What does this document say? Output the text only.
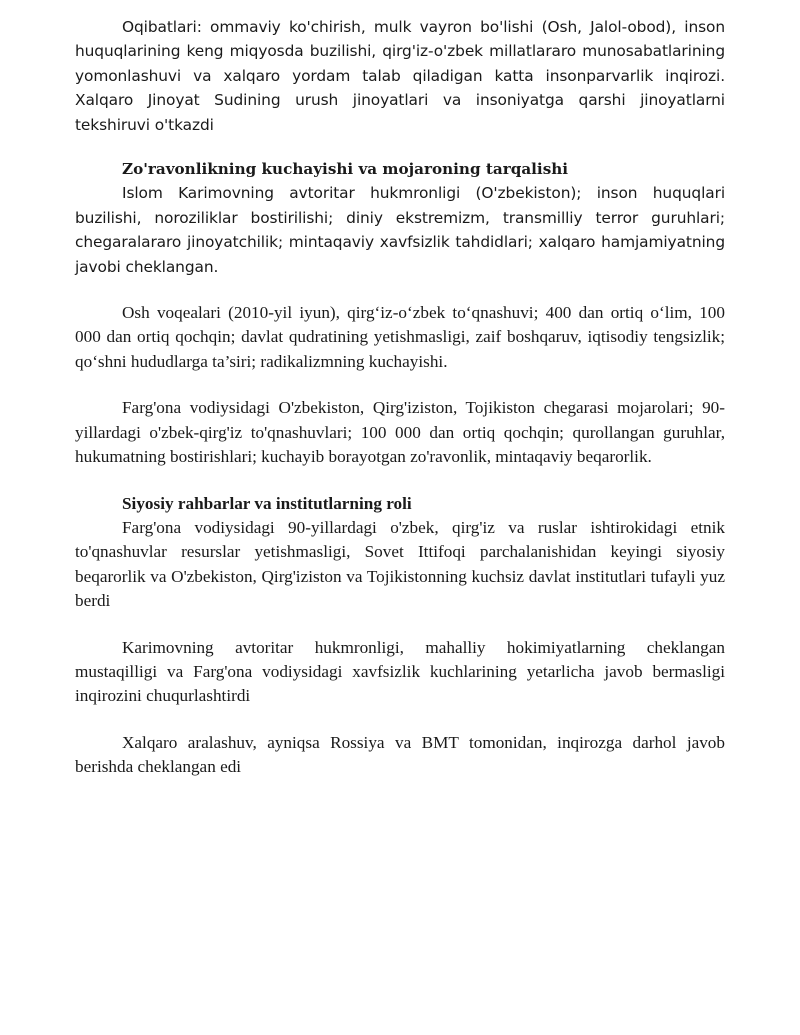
Oqibatlari: ommaviy ko'chirish, mulk vayron bo'lishi (Osh, Jalol-obod), inson huquqlarining keng miqyosda buzilishi, qirg'iz-o'zbek millatlararo munosabatlarining yomonlashuvi va xalqaro yordam talab qiladigan katta insonparvarlik inqirozi. Xalqaro Jinoyat Sudining urush jinoyatlari va insoniyatga qarshi jinoyatlarni tekshiruvi o'tkazdi

Zo'ravonlikning kuchayishi va mojaroning tarqalishi

Islom Karimovning avtoritar hukmronligi (O'zbekiston); inson huquqlari buzilishi, noroziliklar bostirilishi; diniy ekstremizm, transmilliy terror guruhlari; chegaralararo jinoyatchilik; mintaqaviy xavfsizlik tahdidlari; xalqaro hamjamiyatning javobi cheklangan.

Osh voqealari (2010-yil iyun), qirg‘iz-o‘zbek to‘qnashuvi; 400 dan ortiq o‘lim, 100 000 dan ortiq qochqin; davlat qudratining yetishmasligi, zaif boshqaruv, iqtisodiy tengsizlik; qo‘shni hududlarga ta’siri; radikalizmning kuchayishi.

Farg'ona vodiysidagi O'zbekiston, Qirg'iziston, Tojikiston chegarasi mojarolari; 90-yillardagi o'zbek-qirg'iz to'qnashuvlari; 100 000 dan ortiq qochqin; qurollangan guruhlar, hukumatning bostirishlari; kuchayib borayotgan zo'ravonlik, mintaqaviy beqarorlik.

Siyosiy rahbarlar va institutlarning roli

Farg'ona vodiysidagi 90-yillardagi o'zbek, qirg'iz va ruslar ishtirokidagi etnik to'qnashuvlar resurslar yetishmasligi, Sovet Ittifoqi parchalanishidan keyingi siyosiy beqarorlik va O'zbekiston, Qirg'iziston va Tojikistonning kuchsiz davlat institutlari tufayli yuz berdi

Karimovning avtoritar hukmronligi, mahalliy hokimiyatlarning cheklangan mustaqilligi va Farg'ona vodiysidagi xavfsizlik kuchlarining yetarlicha javob bermasligi inqirozini chuqurlashtirdi

Xalqaro aralashuv, ayniqsa Rossiya va BMT tomonidan, inqirozga darhol javob berishda cheklangan edi
